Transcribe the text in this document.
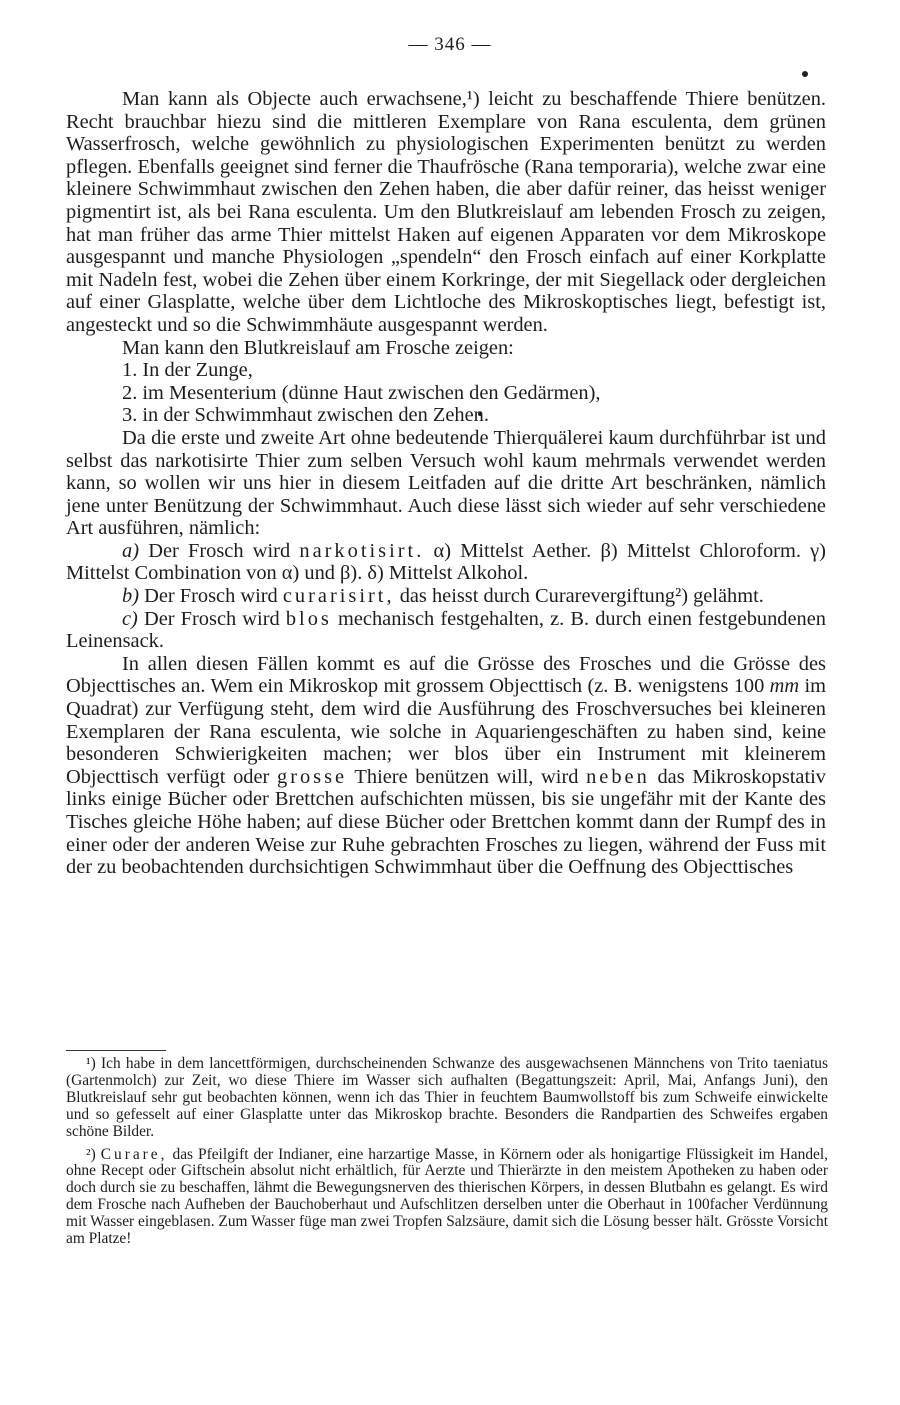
— 346 —

Man kann als Objecte auch erwachsene,¹) leicht zu beschaffende Thiere benützen. Recht brauchbar hiezu sind die mittleren Exemplare von Rana esculenta, dem grünen Wasserfrosch, welche gewöhnlich zu physiologischen Experimenten benützt zu werden pflegen. Ebenfalls geeignet sind ferner die Thaufrösche (Rana temporaria), welche zwar eine kleinere Schwimmhaut zwischen den Zehen haben, die aber dafür reiner, das heisst weniger pigmentirt ist, als bei Rana esculenta. Um den Blutkreislauf am lebenden Frosch zu zeigen, hat man früher das arme Thier mittelst Haken auf eigenen Apparaten vor dem Mikroskope ausgespannt und manche Physiologen „spendeln“ den Frosch einfach auf einer Korkplatte mit Nadeln fest, wobei die Zehen über einem Korkringe, der mit Siegellack oder dergleichen auf einer Glasplatte, welche über dem Lichtloche des Mikroskoptisches liegt, befestigt ist, angesteckt und so die Schwimmhäute ausgespannt werden.

Man kann den Blutkreislauf am Frosche zeigen:

1. In der Zunge,

2. im Mesenterium (dünne Haut zwischen den Gedärmen),

3. in der Schwimmhaut zwischen den Zehen.

Da die erste und zweite Art ohne bedeutende Thierquälerei kaum durchführbar ist und selbst das narkotisirte Thier zum selben Versuch wohl kaum mehrmals verwendet werden kann, so wollen wir uns hier in diesem Leitfaden auf die dritte Art beschränken, nämlich jene unter Benützung der Schwimmhaut. Auch diese lässt sich wieder auf sehr verschiedene Art ausführen, nämlich:

a) Der Frosch wird narkotisirt. α) Mittelst Aether. β) Mittelst Chloroform. γ) Mittelst Combination von α) und β). δ) Mittelst Alkohol.

b) Der Frosch wird curarisirt, das heisst durch Curarevergiftung²) gelähmt.

c) Der Frosch wird blos mechanisch festgehalten, z. B. durch einen festgebundenen Leinensack.

In allen diesen Fällen kommt es auf die Grösse des Frosches und die Grösse des Objecttisches an. Wem ein Mikroskop mit grossem Objecttisch (z. B. wenigstens 100 mm im Quadrat) zur Verfügung steht, dem wird die Ausführung des Froschversuches bei kleineren Exemplaren der Rana esculenta, wie solche in Aquariengeschäften zu haben sind, keine besonderen Schwierigkeiten machen; wer blos über ein Instrument mit kleinerem Objecttisch verfügt oder grosse Thiere benützen will, wird neben das Mikroskopstativ links einige Bücher oder Brettchen aufschichten müssen, bis sie ungefähr mit der Kante des Tisches gleiche Höhe haben; auf diese Bücher oder Brettchen kommt dann der Rumpf des in einer oder der anderen Weise zur Ruhe gebrachten Frosches zu liegen, während der Fuss mit der zu beobachtenden durchsichtigen Schwimmhaut über die Oeffnung des Objecttisches

¹) Ich habe in dem lancettförmigen, durchscheinenden Schwanze des ausgewachsenen Männchens von Trito taeniatus (Gartenmolch) zur Zeit, wo diese Thiere im Wasser sich aufhalten (Begattungszeit: April, Mai, Anfangs Juni), den Blutkreislauf sehr gut beobachten können, wenn ich das Thier in feuchtem Baumwollstoff bis zum Schweife einwickelte und so gefesselt auf einer Glasplatte unter das Mikroskop brachte. Besonders die Randpartien des Schweifes ergaben schöne Bilder.

²) Curare, das Pfeilgift der Indianer, eine harzartige Masse, in Körnern oder als honigartige Flüssigkeit im Handel, ohne Recept oder Giftschein absolut nicht erhältlich, für Aerzte und Thierärzte in den meistem Apotheken zu haben oder doch durch sie zu beschaffen, lähmt die Bewegungsnerven des thierischen Körpers, in dessen Blutbahn es gelangt. Es wird dem Frosche nach Aufheben der Bauchoberhaut und Aufschlitzen derselben unter die Oberhaut in 100facher Verdünnung mit Wasser eingeblasen. Zum Wasser füge man zwei Tropfen Salzsäure, damit sich die Lösung besser hält. Grösste Vorsicht am Platze!
